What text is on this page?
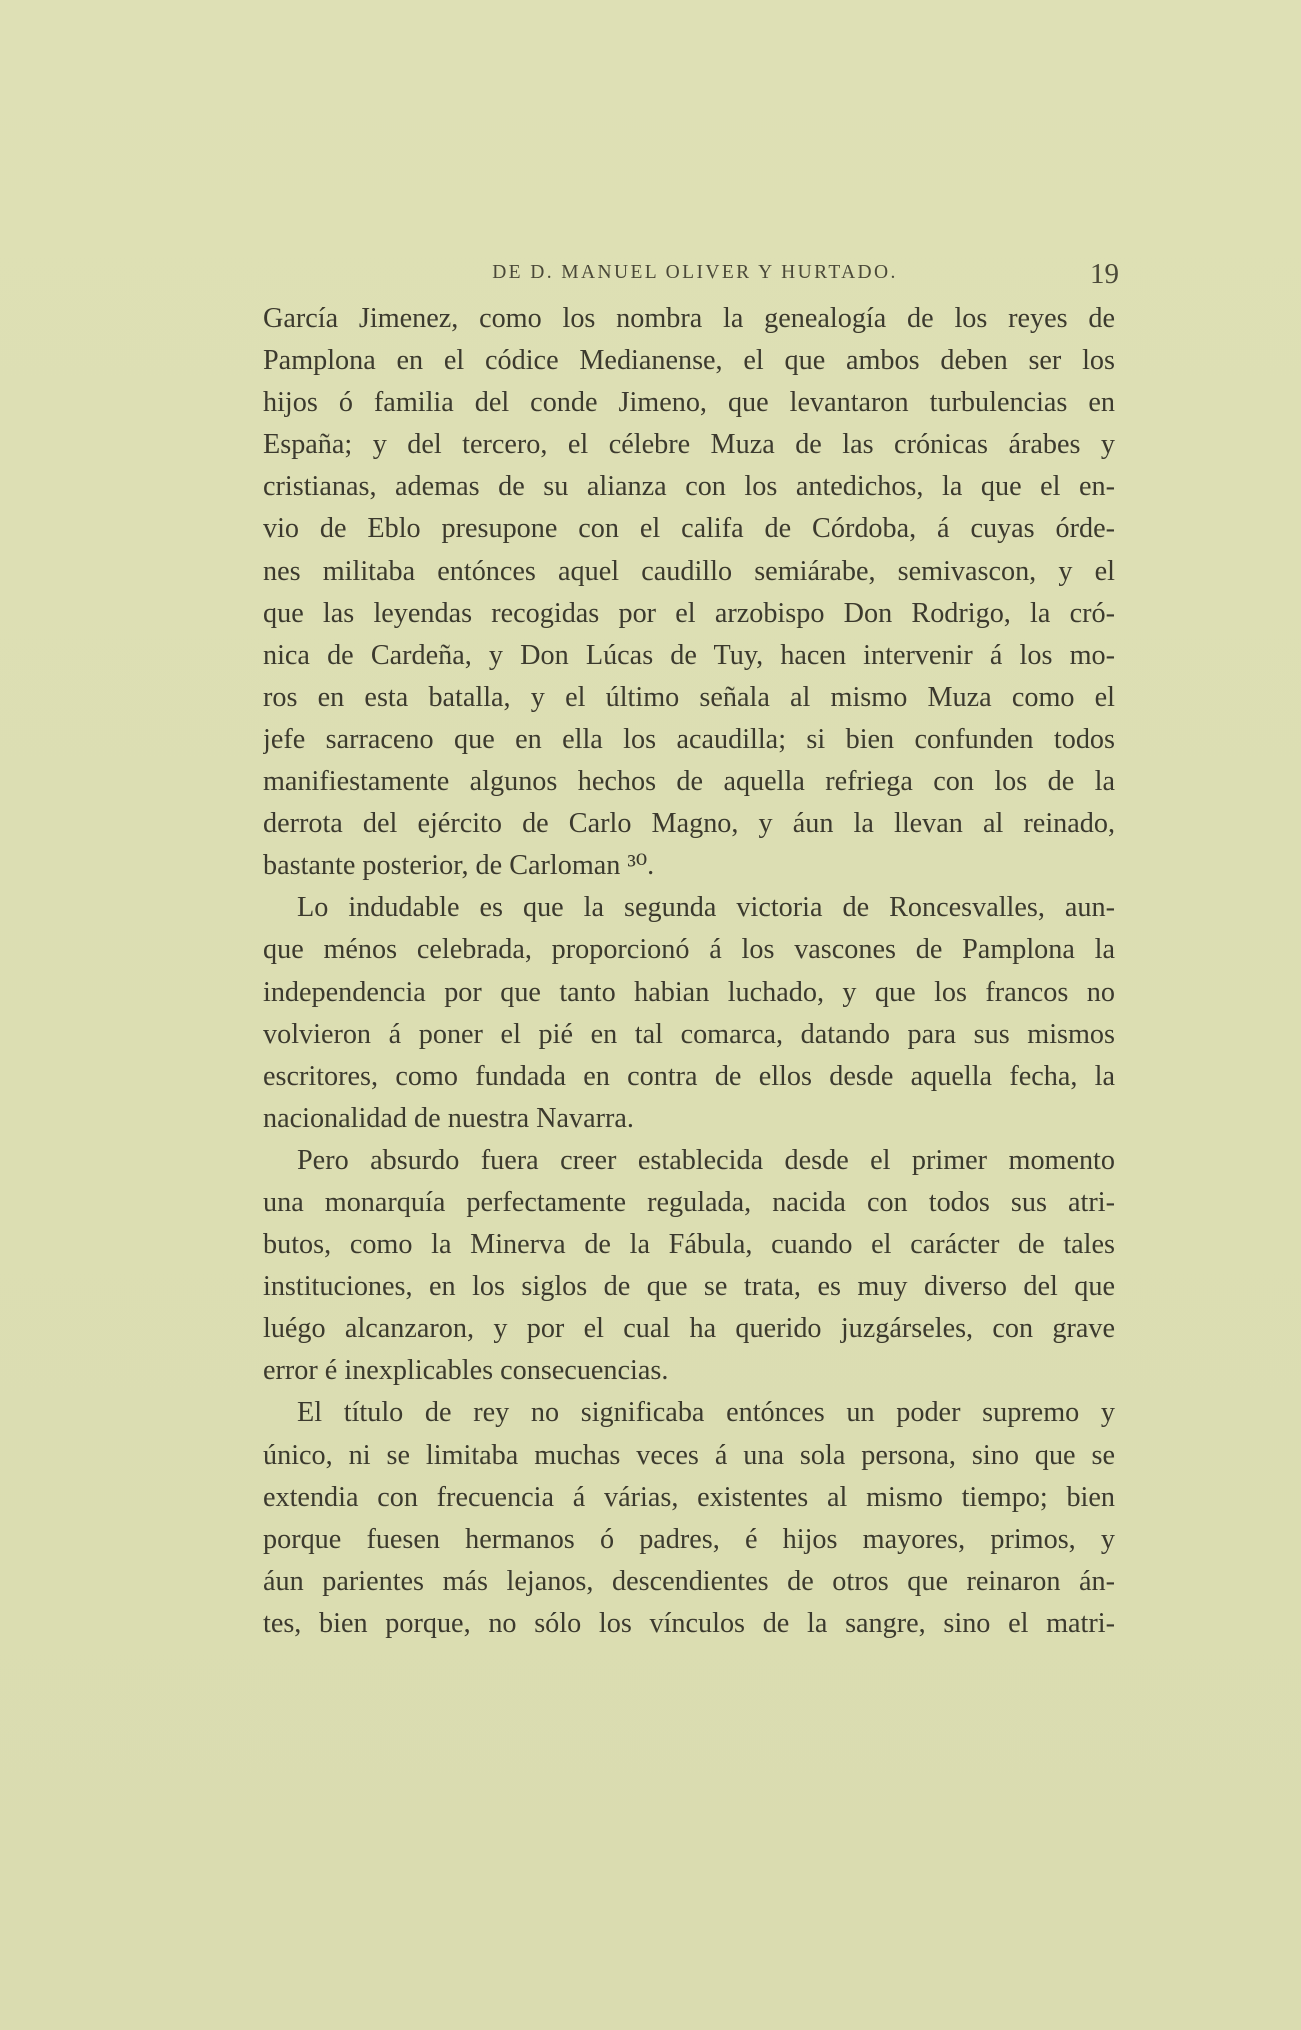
DE D. MANUEL OLIVER Y HURTADO.	19
García Jimenez, como los nombra la genealogía de los reyes de
Pamplona en el códice Medianense, el que ambos deben ser los
hijos ó familia del conde Jimeno, que levantaron turbulencias en
España; y del tercero, el célebre Muza de las crónicas árabes y
cristianas, ademas de su alianza con los antedichos, la que el en-
vio de Eblo presupone con el califa de Córdoba, á cuyas órde-
nes militaba entónces aquel caudillo semiárabe, semivascon, y el
que las leyendas recogidas por el arzobispo Don Rodrigo, la cró-
nica de Cardeña, y Don Lúcas de Tuy, hacen intervenir á los mo-
ros en esta batalla, y el último señala al mismo Muza como el
jefe sarraceno que en ella los acaudilla; si bien confunden todos
manifiestamente algunos hechos de aquella refriega con los de la
derrota del ejército de Carlo Magno, y áun la llevan al reinado,
bastante posterior, de Carloman ³⁰.
Lo indudable es que la segunda victoria de Roncesvalles, aun-
que ménos celebrada, proporcionó á los vascones de Pamplona la
independencia por que tanto habian luchado, y que los francos no
volvieron á poner el pié en tal comarca, datando para sus mismos
escritores, como fundada en contra de ellos desde aquella fecha, la
nacionalidad de nuestra Navarra.
Pero absurdo fuera creer establecida desde el primer momento
una monarquía perfectamente regulada, nacida con todos sus atri-
butos, como la Minerva de la Fábula, cuando el carácter de tales
instituciones, en los siglos de que se trata, es muy diverso del que
luégo alcanzaron, y por el cual ha querido juzgárseles, con grave
error é inexplicables consecuencias.
El título de rey no significaba entónces un poder supremo y
único, ni se limitaba muchas veces á una sola persona, sino que se
extendia con frecuencia á várias, existentes al mismo tiempo; bien
porque fuesen hermanos ó padres, é hijos mayores, primos, y
áun parientes más lejanos, descendientes de otros que reinaron án-
tes, bien porque, no sólo los vínculos de la sangre, sino el matri-
